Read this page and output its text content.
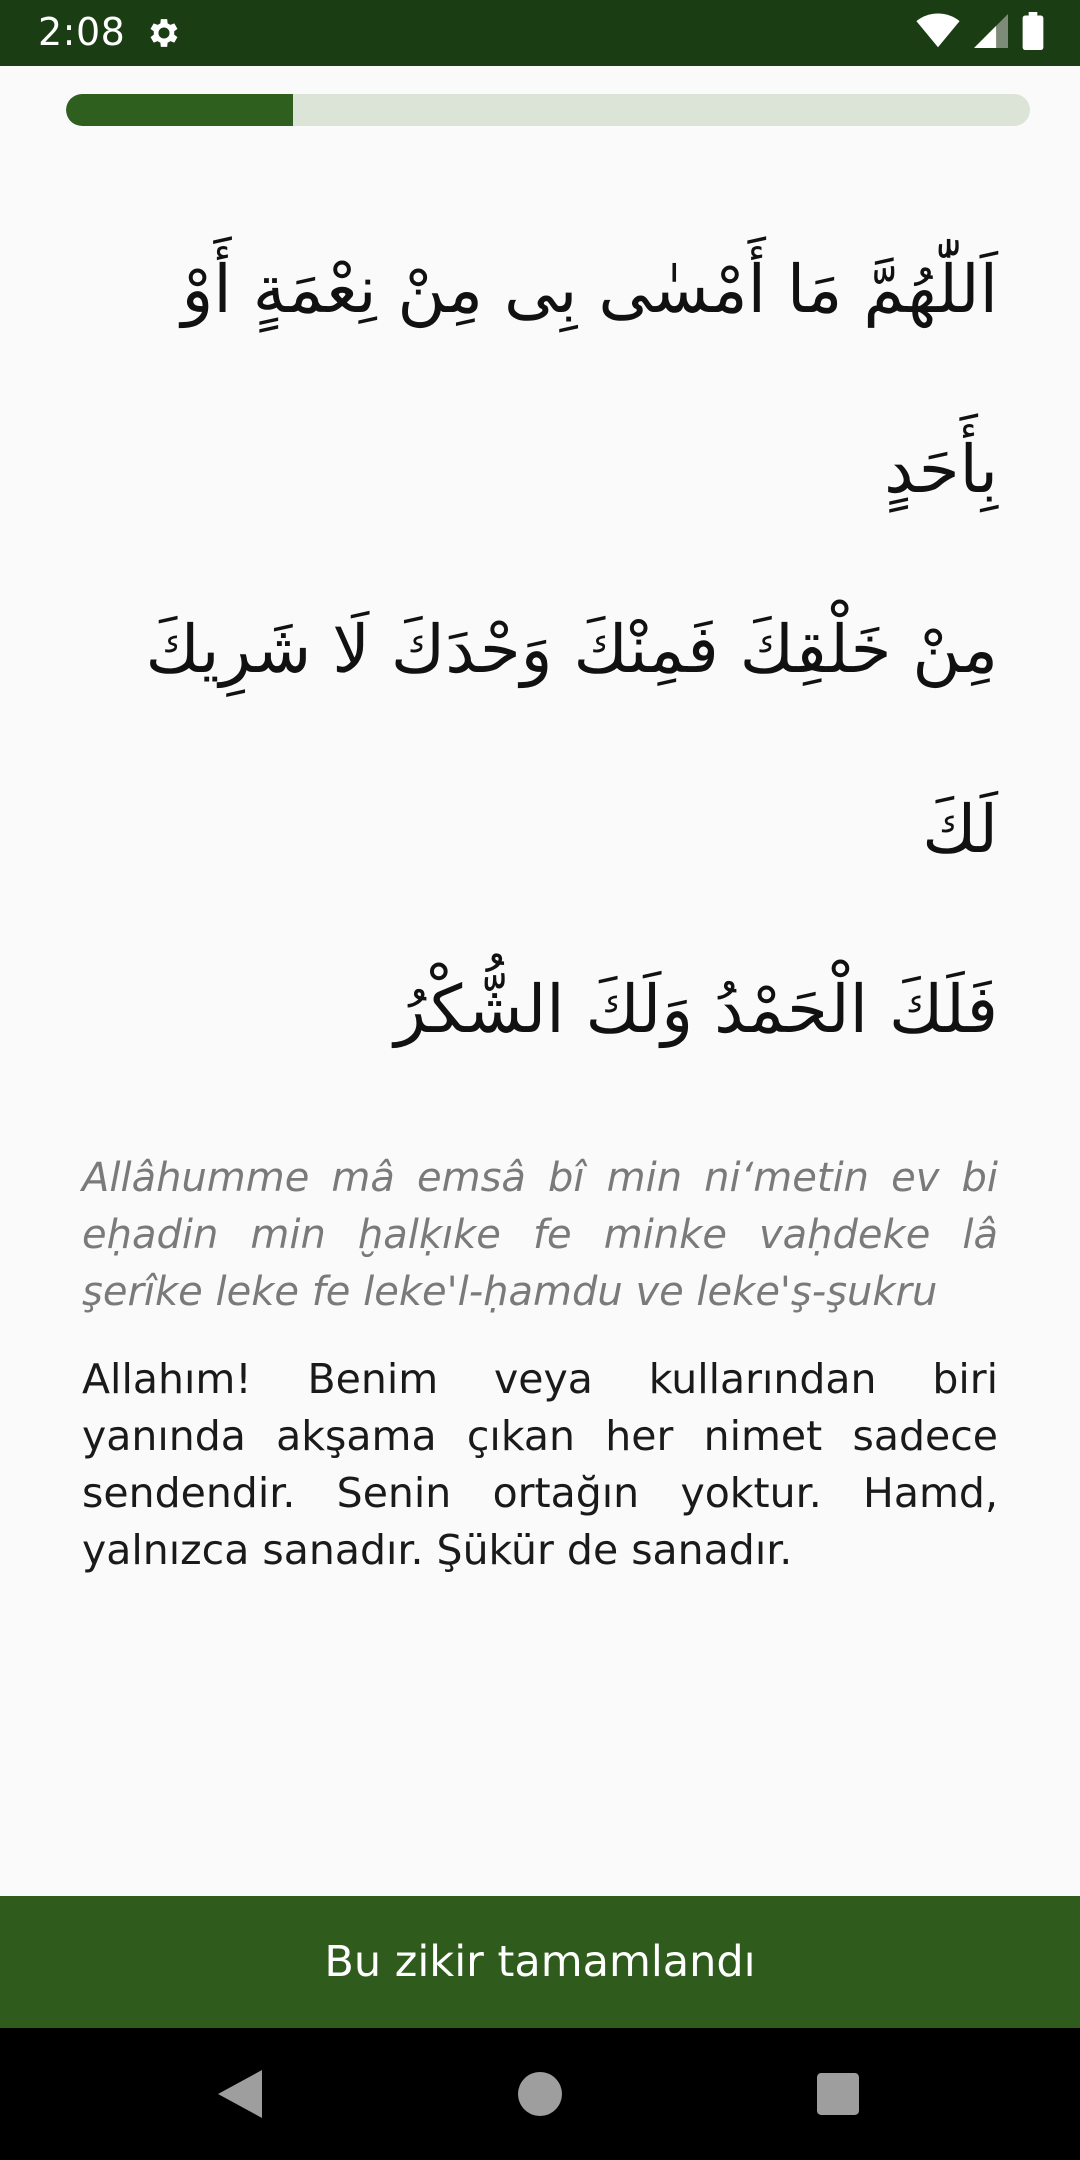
2:08
اَللّٰهُمَّ مَا أَمْسٰى بِى مِنْ نِعْمَةٍ أَوْ بِأَحَدٍ
مِنْ خَلْقِكَ فَمِنْكَ وَحْدَكَ لَا شَرِيكَ لَكَ
فَلَكَ الْحَمْدُ وَلَكَ الشُّكْرُ

Allâhumme mâ emsâ bî min ni‘metin ev bi eḥadin min ḫalḳıke fe minke vaḥdeke lâ şerîke leke fe leke'l-ḥamdu ve leke'ş-şukru

Allahım! Benim veya kullarından biri yanında akşama çıkan her nimet sadece sendendir. Senin ortağın yoktur. Hamd, yalnızca sanadır. Şükür de sanadır.

Bu zikir tamamlandı
